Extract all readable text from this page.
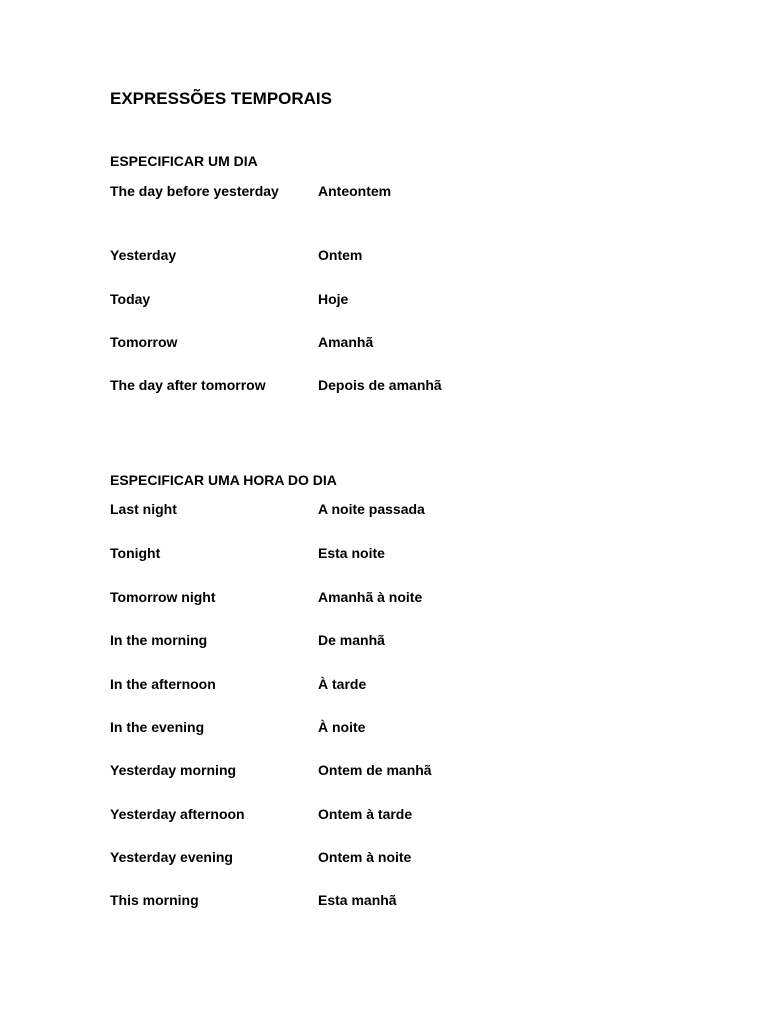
EXPRESSÕES TEMPORAIS
ESPECIFICAR UM DIA
The day before yesterday	Anteontem
Yesterday	Ontem
Today	Hoje
Tomorrow	Amanhã
The day after tomorrow	Depois de amanhã
ESPECIFICAR UMA HORA DO DIA
Last night	A noite passada
Tonight	Esta noite
Tomorrow night	Amanhã à noite
In the morning	De manhã
In the afternoon	À tarde
In the evening	À noite
Yesterday morning	Ontem de manhã
Yesterday afternoon	Ontem à tarde
Yesterday evening	Ontem à noite
This morning	Esta manhã
